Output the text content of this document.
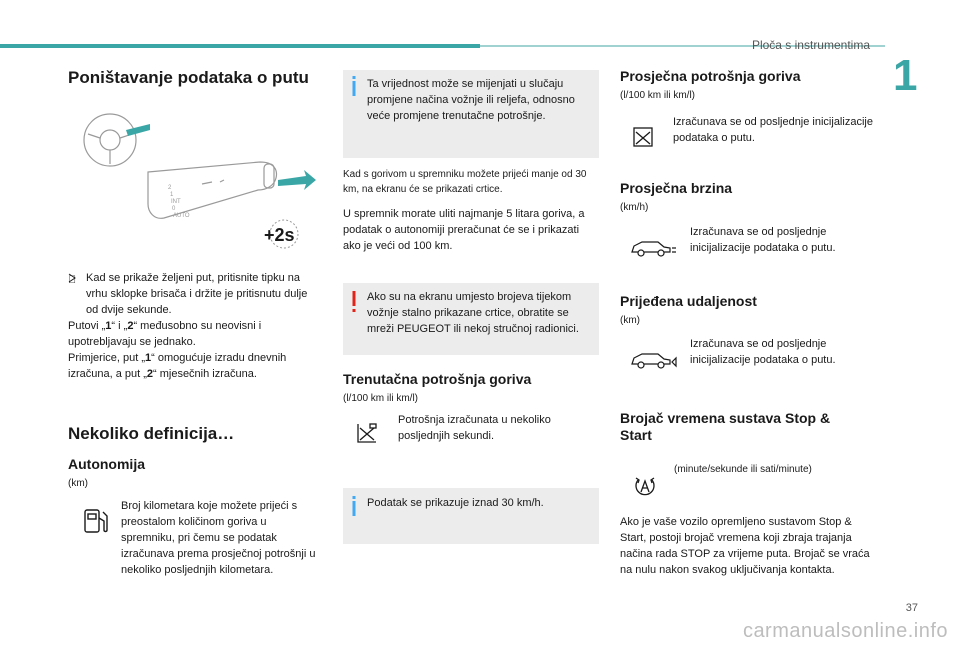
Ploča s instrumentima
1
37
Poništavanje podataka o putu
2
1
INT
0
AUTO
+2s
Kad se prikaže željeni put, pritisnite tipku na vrhu sklopke brisača i držite je pritisnutu dulje od dvije sekunde.
Putovi „1“ i „2“ međusobno su neovisni i upotrebljavaju se jednako.
Primjerice, put „1“ omogućuje izradu dnevnih izračuna, a put „2“ mjesečnih izračuna.
Nekoliko definicija…
Autonomija
(km)
Broj kilometara koje možete prijeći s preostalom količinom goriva u spremniku, pri čemu se podatak izračunava prema prosječnoj potrošnji u nekoliko posljednjih kilometara.
Ta vrijednost može se mijenjati u slučaju promjene načina vožnje ili reljefa, odnosno veće promjene trenutačne potrošnje.
Kad s gorivom u spremniku možete prijeći manje od 30 km, na ekranu će se prikazati crtice.
U spremnik morate uliti najmanje 5 litara goriva, a podatak o autonomiji preračunat će se i prikazati ako je veći od 100 km.
Ako su na ekranu umjesto brojeva tijekom vožnje stalno prikazane crtice, obratite se mreži PEUGEOT ili nekoj stručnoj radionici.
Trenutačna potrošnja goriva
(l/100 km ili km/l)
Potrošnja izračunata u nekoliko posljednjih sekundi.
Podatak se prikazuje iznad 30 km/h.
Prosječna potrošnja goriva
(l/100 km ili km/l)
Izračunava se od posljednje inicijalizacije podataka o putu.
Prosječna brzina
(km/h)
Izračunava se od posljednje inicijalizacije podataka o putu.
Prijeđena udaljenost
(km)
Izračunava se od posljednje inicijalizacije podataka o putu.
Brojač vremena sustava Stop &
Start
(minute/sekunde ili sati/minute)
Ako je vaše vozilo opremljeno sustavom Stop & Start, postoji brojač vremena koji zbraja trajanja načina rada STOP za vrijeme puta. Brojač se vraća na nulu nakon svakog uključivanja kontakta.
carmanualsonline.info
